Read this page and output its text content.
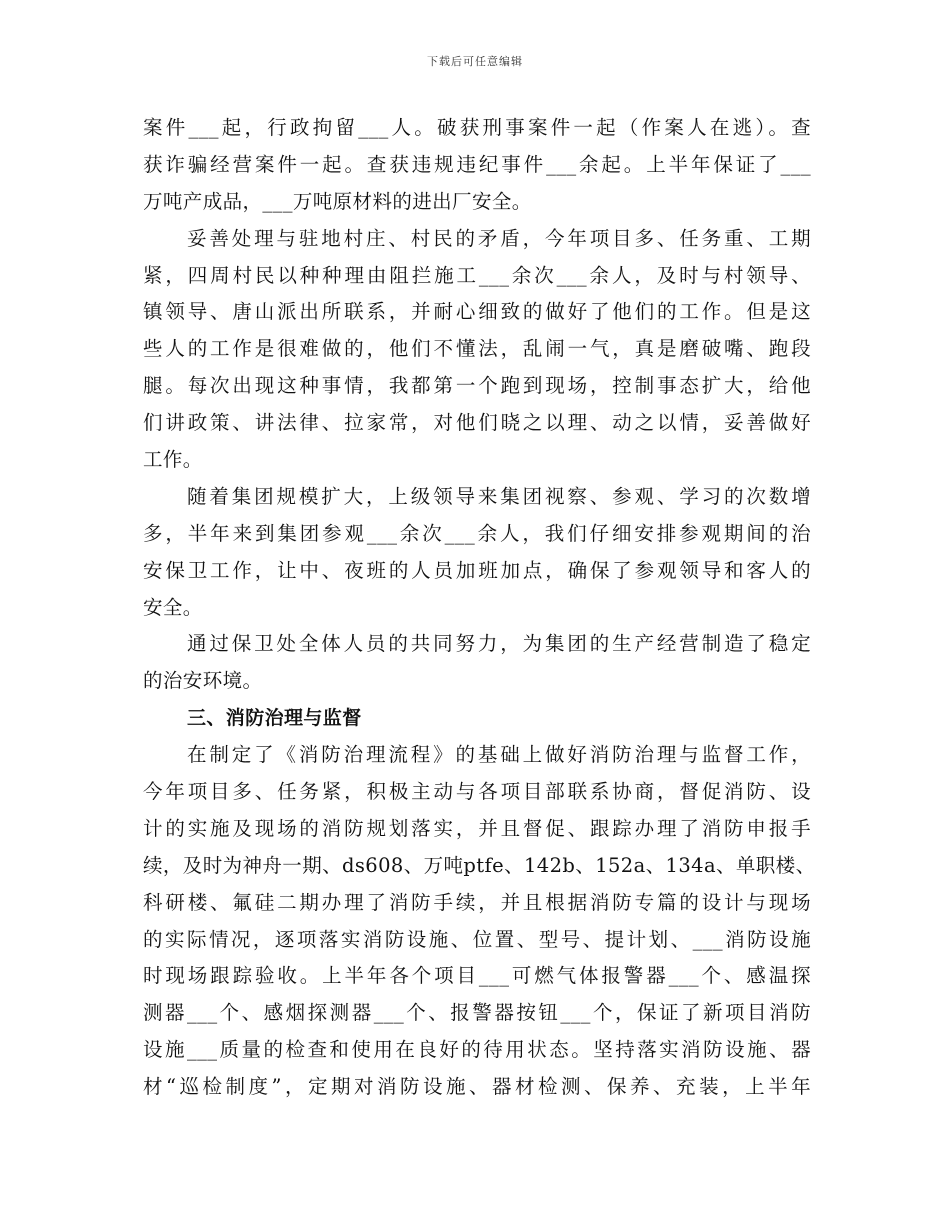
下载后可任意编辑
案件___起，行政拘留___人。破获刑事案件一起（作案人在逃）。查
获诈骗经营案件一起。查获违规违纪事件___余起。上半年保证了___
万吨产成品，___万吨原材料的进出厂安全。
妥善处理与驻地村庄、村民的矛盾，今年项目多、任务重、工期
紧，四周村民以种种理由阻拦施工___余次___余人，及时与村领导、
镇领导、唐山派出所联系，并耐心细致的做好了他们的工作。但是这
些人的工作是很难做的，他们不懂法，乱闹一气，真是磨破嘴、跑段
腿。每次出现这种事情，我都第一个跑到现场，控制事态扩大，给他
们讲政策、讲法律、拉家常，对他们晓之以理、动之以情，妥善做好
工作。
随着集团规模扩大，上级领导来集团视察、参观、学习的次数增
多，半年来到集团参观___余次___余人，我们仔细安排参观期间的治
安保卫工作，让中、夜班的人员加班加点，确保了参观领导和客人的
安全。
通过保卫处全体人员的共同努力，为集团的生产经营制造了稳定
的治安环境。
三、消防治理与监督
在制定了《消防治理流程》的基础上做好消防治理与监督工作，
今年项目多、任务紧，积极主动与各项目部联系协商，督促消防、设
计的实施及现场的消防规划落实，并且督促、跟踪办理了消防申报手
续，及时为神舟一期、ds608、万吨ptfe、142b、152a、134a、单职楼、
科研楼、氟硅二期办理了消防手续，并且根据消防专篇的设计与现场
的实际情况，逐项落实消防设施、位置、型号、提计划、___消防设施
时现场跟踪验收。上半年各个项目___可燃气体报警器___个、感温探
测器___个、感烟探测器___个、报警器按钮___个，保证了新项目消防
设施___质量的检查和使用在良好的待用状态。坚持落实消防设施、器
材“巡检制度”，定期对消防设施、器材检测、保养、充装，上半年
